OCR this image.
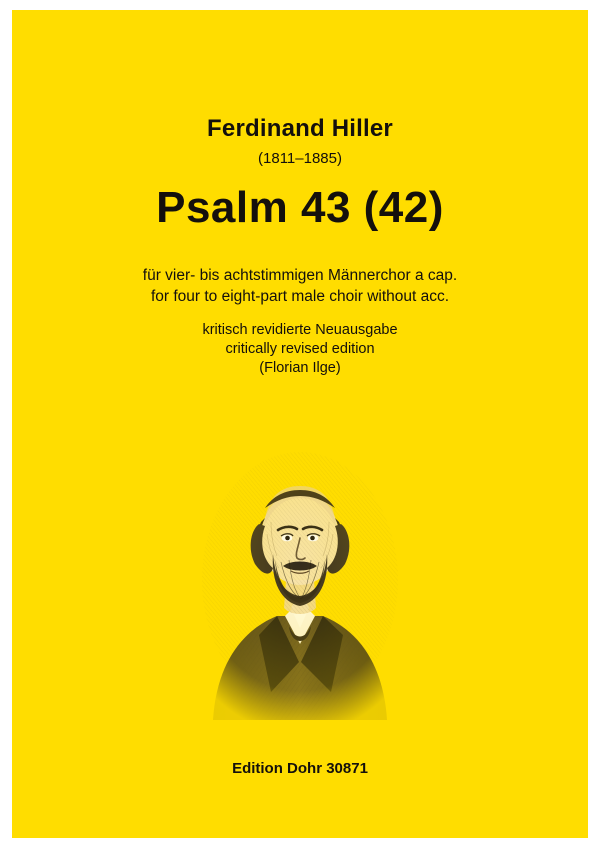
Ferdinand Hiller
(1811–1885)
Psalm 43 (42)
für vier- bis achtstimmigen Männerchor a cap.
for four to eight-part male choir without acc.
kritisch revidierte Neuausgabe
critically revised edition
(Florian Ilge)
Edition Dohr 30871
